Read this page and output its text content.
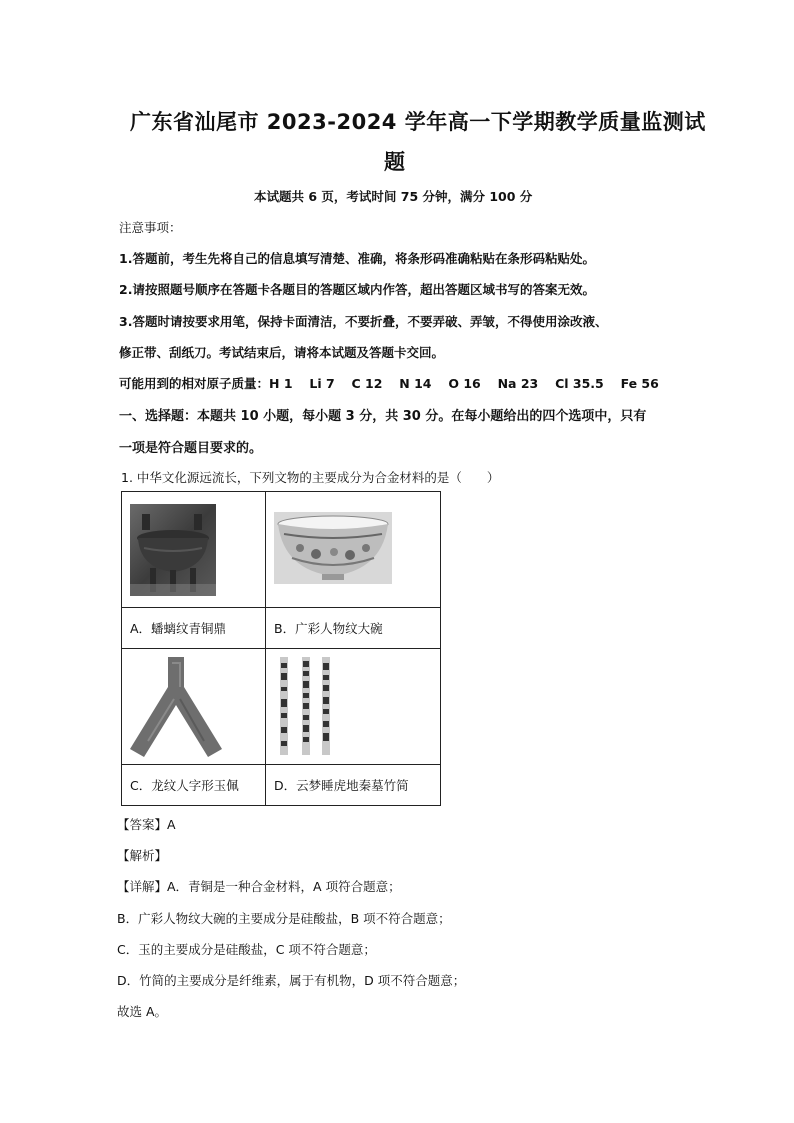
广东省汕尾市 2023-2024 学年高一下学期教学质量监测试
题
本试题共 6 页，考试时间 75 分钟，满分 100 分
注意事项：
1.答题前，考生先将自己的信息填写清楚、准确，将条形码准确粘贴在条形码粘贴处。
2.请按照题号顺序在答题卡各题目的答题区域内作答，超出答题区域书写的答案无效。
3.答题时请按要求用笔，保持卡面清洁，不要折叠，不要弄破、弄皱，不得使用涂改液、
修正带、刮纸刀。考试结束后，请将本试题及答题卡交回。
可能用到的相对原子质量：H 1　 Li 7　 C 12　 N 14　 O 16　 Na 23　 Cl 35.5　 Fe 56
一、选择题：本题共 10 小题，每小题 3 分，共 30 分。在每小题给出的四个选项中，只有
一项是符合题目要求的。
1. 中华文化源远流长，下列文物的主要成分为合金材料的是（　　）

A．蟠螭纹青铜鼎	B．广彩人物纹大碗

C．龙纹人字形玉佩	D．云梦睡虎地秦墓竹简
【答案】A
【解析】
【详解】A．青铜是一种合金材料，A 项符合题意；
B．广彩人物纹大碗的主要成分是硅酸盐，B 项不符合题意；
C．玉的主要成分是硅酸盐，C 项不符合题意；
D．竹简的主要成分是纤维素，属于有机物，D 项不符合题意；
故选 A。
